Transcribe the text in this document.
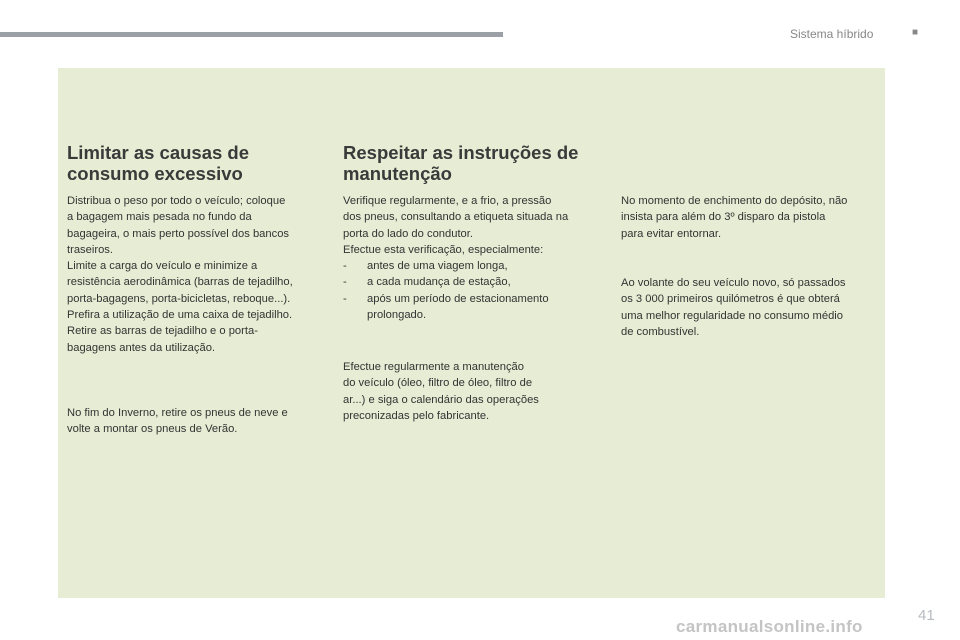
Sistema híbrido	■
Limitar as causas de
consumo excessivo

Distribua o peso por todo o veículo; coloque
a bagagem mais pesada no fundo da
bagageira, o mais perto possível dos bancos
traseiros.
Limite a carga do veículo e minimize a
resistência aerodinâmica (barras de tejadilho,
porta-bagagens, porta-bicicletas, reboque...).
Prefira a utilização de uma caixa de tejadilho.
Retire as barras de tejadilho e o porta-
bagagens antes da utilização.

No fim do Inverno, retire os pneus de neve e
volte a montar os pneus de Verão.

Respeitar as instruções de
manutenção

Verifique regularmente, e a frio, a pressão
dos pneus, consultando a etiqueta situada na
porta do lado do condutor.
Efectue esta verificação, especialmente:

-	antes de uma viagem longa,
-	a cada mudança de estação,
-	após um período de estacionamento
prolongado.

Efectue regularmente a manutenção
do veículo (óleo, filtro de óleo, filtro de
ar...) e siga o calendário das operações
preconizadas pelo fabricante.

No momento de enchimento do depósito, não
insista para além do 3º disparo da pistola
para evitar entornar.

Ao volante do seu veículo novo, só passados
os 3 000 primeiros quilómetros é que obterá
uma melhor regularidade no consumo médio
de combustível.

41
carmanualsonline.info
